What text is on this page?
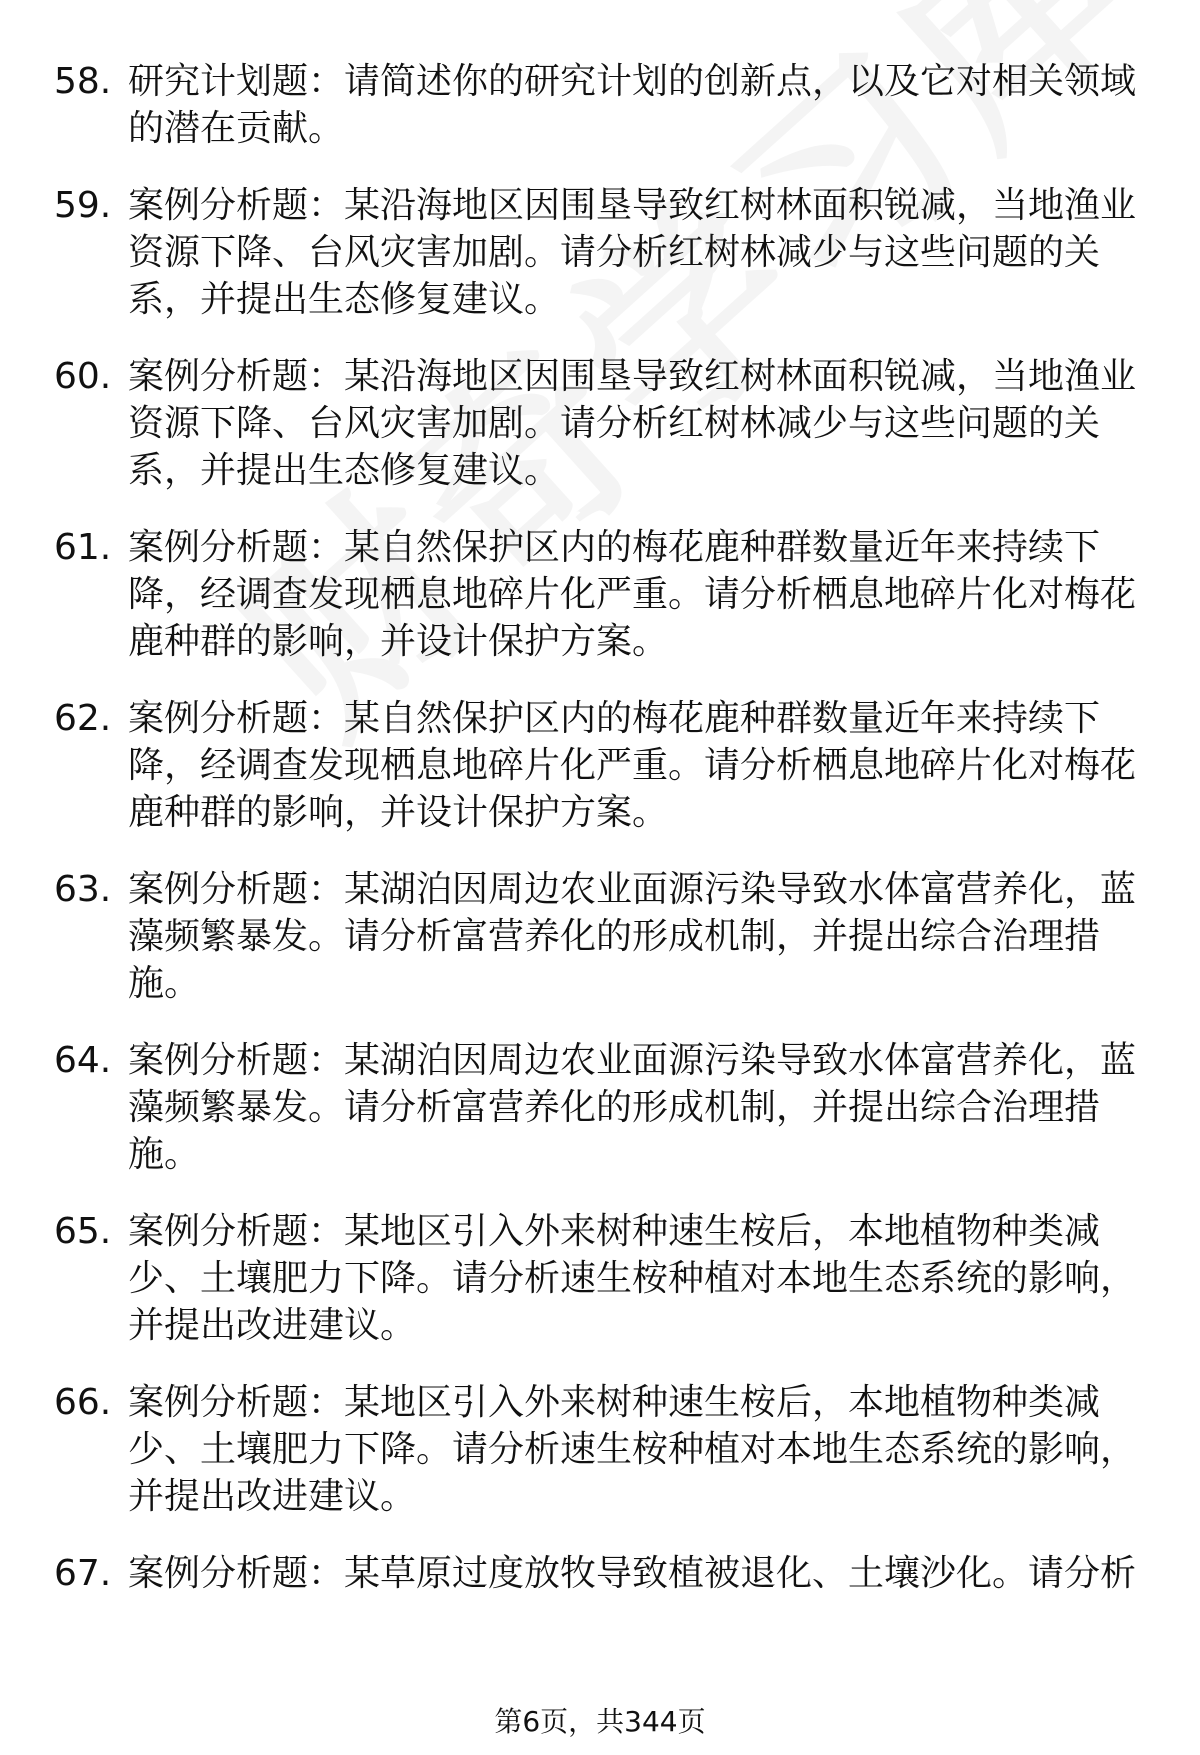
58. 研究计划题：请简述你的研究计划的创新点，以及它对相关领域的潜在贡献。
59. 案例分析题：某沿海地区因围垦导致红树林面积锐减，当地渔业资源下降、台风灾害加剧。请分析红树林减少与这些问题的关系，并提出生态修复建议。
60. 案例分析题：某沿海地区因围垦导致红树林面积锐减，当地渔业资源下降、台风灾害加剧。请分析红树林减少与这些问题的关系，并提出生态修复建议。
61. 案例分析题：某自然保护区内的梅花鹿种群数量近年来持续下降，经调查发现栖息地碎片化严重。请分析栖息地碎片化对梅花鹿种群的影响，并设计保护方案。
62. 案例分析题：某自然保护区内的梅花鹿种群数量近年来持续下降，经调查发现栖息地碎片化严重。请分析栖息地碎片化对梅花鹿种群的影响，并设计保护方案。
63. 案例分析题：某湖泊因周边农业面源污染导致水体富营养化，蓝藻频繁暴发。请分析富营养化的形成机制，并提出综合治理措施。
64. 案例分析题：某湖泊因周边农业面源污染导致水体富营养化，蓝藻频繁暴发。请分析富营养化的形成机制，并提出综合治理措施。
65. 案例分析题：某地区引入外来树种速生桉后，本地植物种类减少、土壤肥力下降。请分析速生桉种植对本地生态系统的影响，并提出改进建议。
66. 案例分析题：某地区引入外来树种速生桉后，本地植物种类减少、土壤肥力下降。请分析速生桉种植对本地生态系统的影响，并提出改进建议。
67. 案例分析题：某草原过度放牧导致植被退化、土壤沙化。请分析
第6页，共344页
